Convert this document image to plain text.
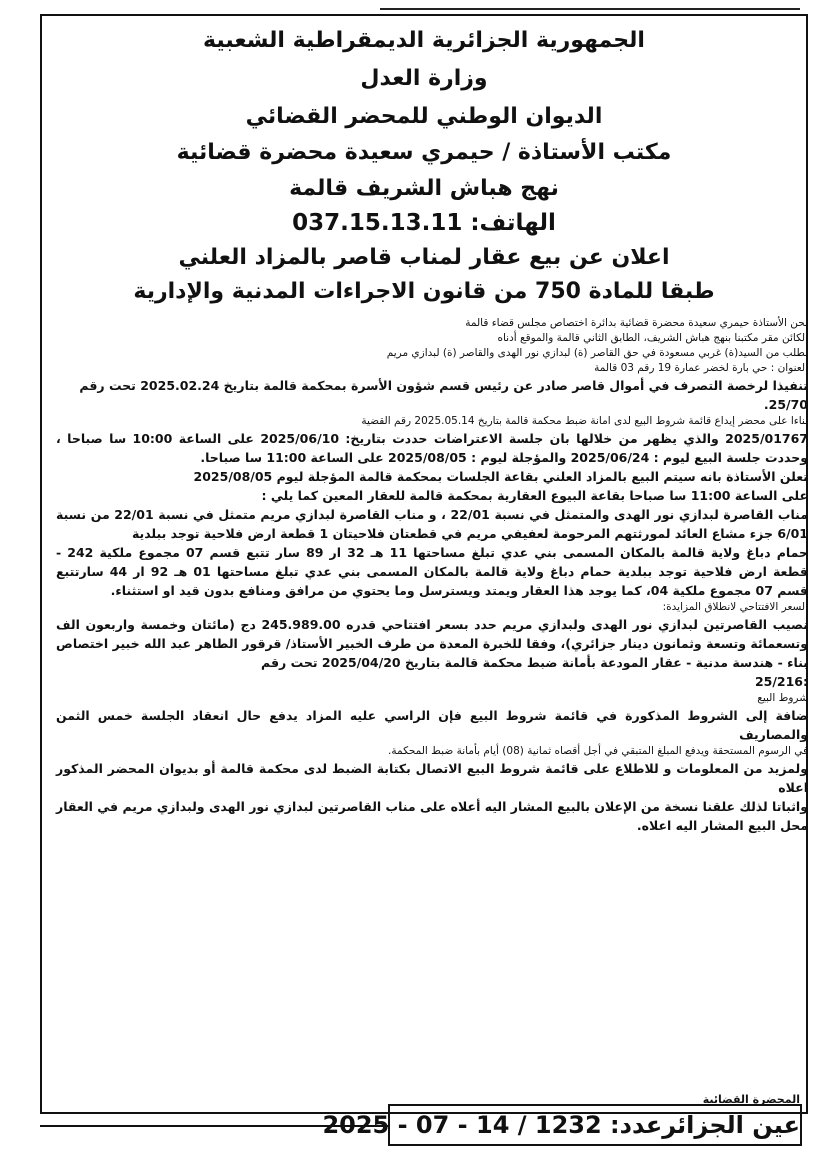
الجمهورية الجزائرية الديمقراطية الشعبية
وزارة العدل
الديوان الوطني للمحضر القضائي
مكتب الأستاذة / حيمري سعيدة محضرة قضائية
نهج هباش الشريف قالمة
الهاتف: 037.15.13.11
اعلان عن بيع عقار لمناب قاصر بالمزاد العلني
طبقا للمادة 750 من قانون الاجراءات المدنية والإدارية

نحن الأستاذة حيمري سعيدة محضرة قضائية بدائرة اختصاص مجلس قضاء قالمة

الكائن مقر مكتبنا بنهج هباش الشريف، الطابق الثاني قالمة والموقع أدناه

بطلب من السيد(ة) غربي مسعودة في حق القاصر (ة) لبدازي نور الهدى والقاصر (ة) لبدازي مريم

العنوان : حي بارة لخضر عمارة 19 رقم 03 قالمة

تنفيذا لرخصة التصرف في أموال قاصر صادر عن رئيس قسم شؤون الأسرة بمحكمة قالمة بتاريخ 2025.02.24 تحت رقم

25/70.

بناءا على محضر إيداع قائمة شروط البيع لدى امانة ضبط محكمة قالمة بتاريخ 2025.05.14 رقم القضية

2025/01767 والذي يظهر من خلالها بان جلسة الاعتراضات حددت بتاريخ: 2025/06/10 على الساعة 10:00 سا صباحا ، وحددت جلسة البيع ليوم : 2025/06/24 والمؤجلة ليوم : 2025/08/05 على الساعة 11:00 سا صباحا.

تعلن الأستاذة بانه سيتم البيع بالمزاد العلني بقاعة الجلسات بمحكمة قالمة المؤجلة ليوم 2025/08/05

على الساعة 11:00 سا صباحا بقاعة البيوع العقارية بمحكمة قالمة للعقار المعين كما يلي :

مناب القاصرة لبدازي نور الهدى والمتمثل في نسبة 22/01 ، و مناب القاصرة لبدازي مريم متمثل في نسبة 22/01 من نسبة 6/01 جزء مشاع العائد لمورثتهم المرحومة لعفيفي مريم في قطعتان فلاحيتان 1 قطعة ارض فلاحية توجد ببلدية

حمام دباغ ولاية قالمة بالمكان المسمى بني عدي تبلغ مساحتها 11 هـ 32 ار 89 سار تتبع قسم 07 مجموع ملكية 242 - قطعة ارض فلاحية توجد ببلدية حمام دباغ ولاية قالمة بالمكان المسمى بني عدي تبلغ مساحتها 01 هـ 92 ار 44 سارتتبع قسم 07 مجموع ملكية 04، كما يوجد هذا العقار ويمتد ويسترسل وما يحتوي من مرافق ومنافع بدون قيد او استثناء.

السعر الافتتاحي لانطلاق المزايدة:

نصيب القاصرتين لبدازي نور الهدى ولبدازي مريم حدد بسعر افتتاحي قدره 245.989.00 دج (مائتان وخمسة واربعون الف وتسعمائة وتسعة وثمانون دينار جزائري)، وفقا للخبرة المعدة من طرف الخبير الأستاذ/ قرقور الطاهر عبد الله خبير اختصاص بناء - هندسة مدنية - عقار المودعة بأمانة ضبط محكمة قالمة بتاريخ 2025/04/20 تحت رقم

:25/216

شروط البيع

ضافة إلى الشروط المذكورة في قائمة شروط البيع فإن الراسي عليه المزاد يدفع حال انعقاد الجلسة خمس الثمن والمصاريف

في الرسوم المستحقة ويدفع المبلغ المتبقي في أجل أقصاه ثمانية (08) أيام بأمانة ضبط المحكمة.

ولمزيد من المعلومات و للاطلاع على قائمة شروط البيع الاتصال بكتابة الضبط لدى محكمة قالمة أو بديوان المحضر المذكور اعلاه

واثباتا لذلك علقنا نسخة من الإعلان بالبيع المشار اليه أعلاه على مناب القاصرتين لبدازي نور الهدى ولبدازي مريم في العقار محل البيع المشار اليه اعلاه.

المحضرة القضائية
عين الجزائرعدد: 1232 / 14 - 07 - 2025
